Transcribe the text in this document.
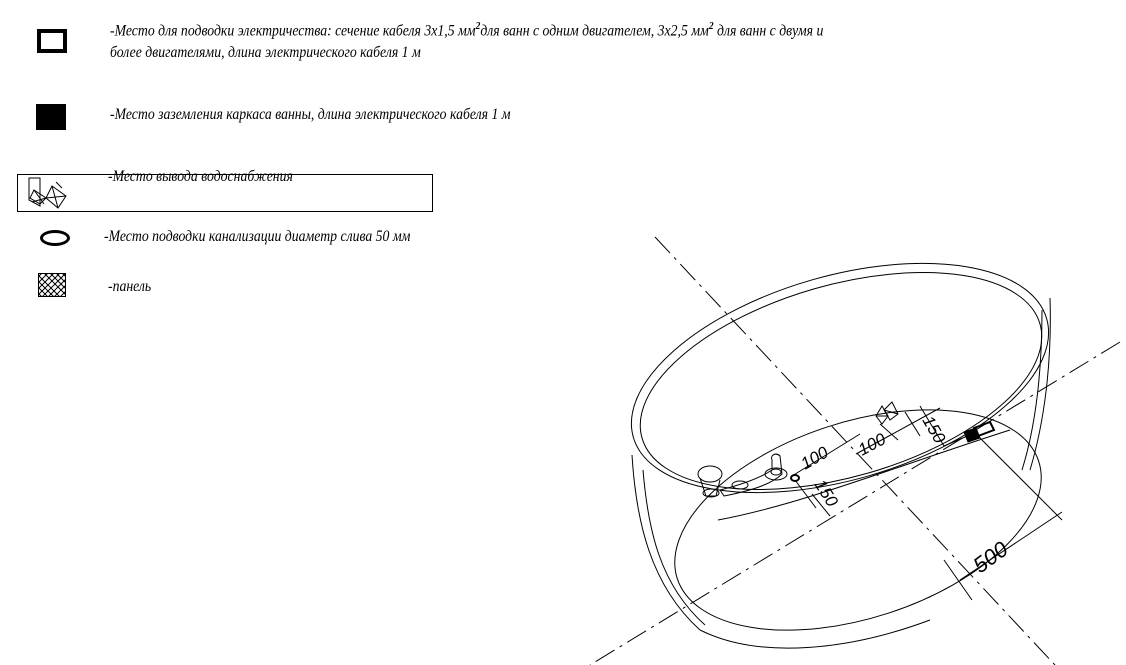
-Место для подводки электричества: сечение кабеля 3х1,5 $мм^2для$ ванн с одним двигателем, 3х2,5 $мм^2$ для ванн с двумя и
более двигателями, длина электрического кабеля 1 м
-Место заземления каркаса ванны, длина электрического кабеля 1 м
-Место вывода водоснабжения
-Место подводки канализации диаметр слива 50 мм
-панель
100 100 150
150
500
